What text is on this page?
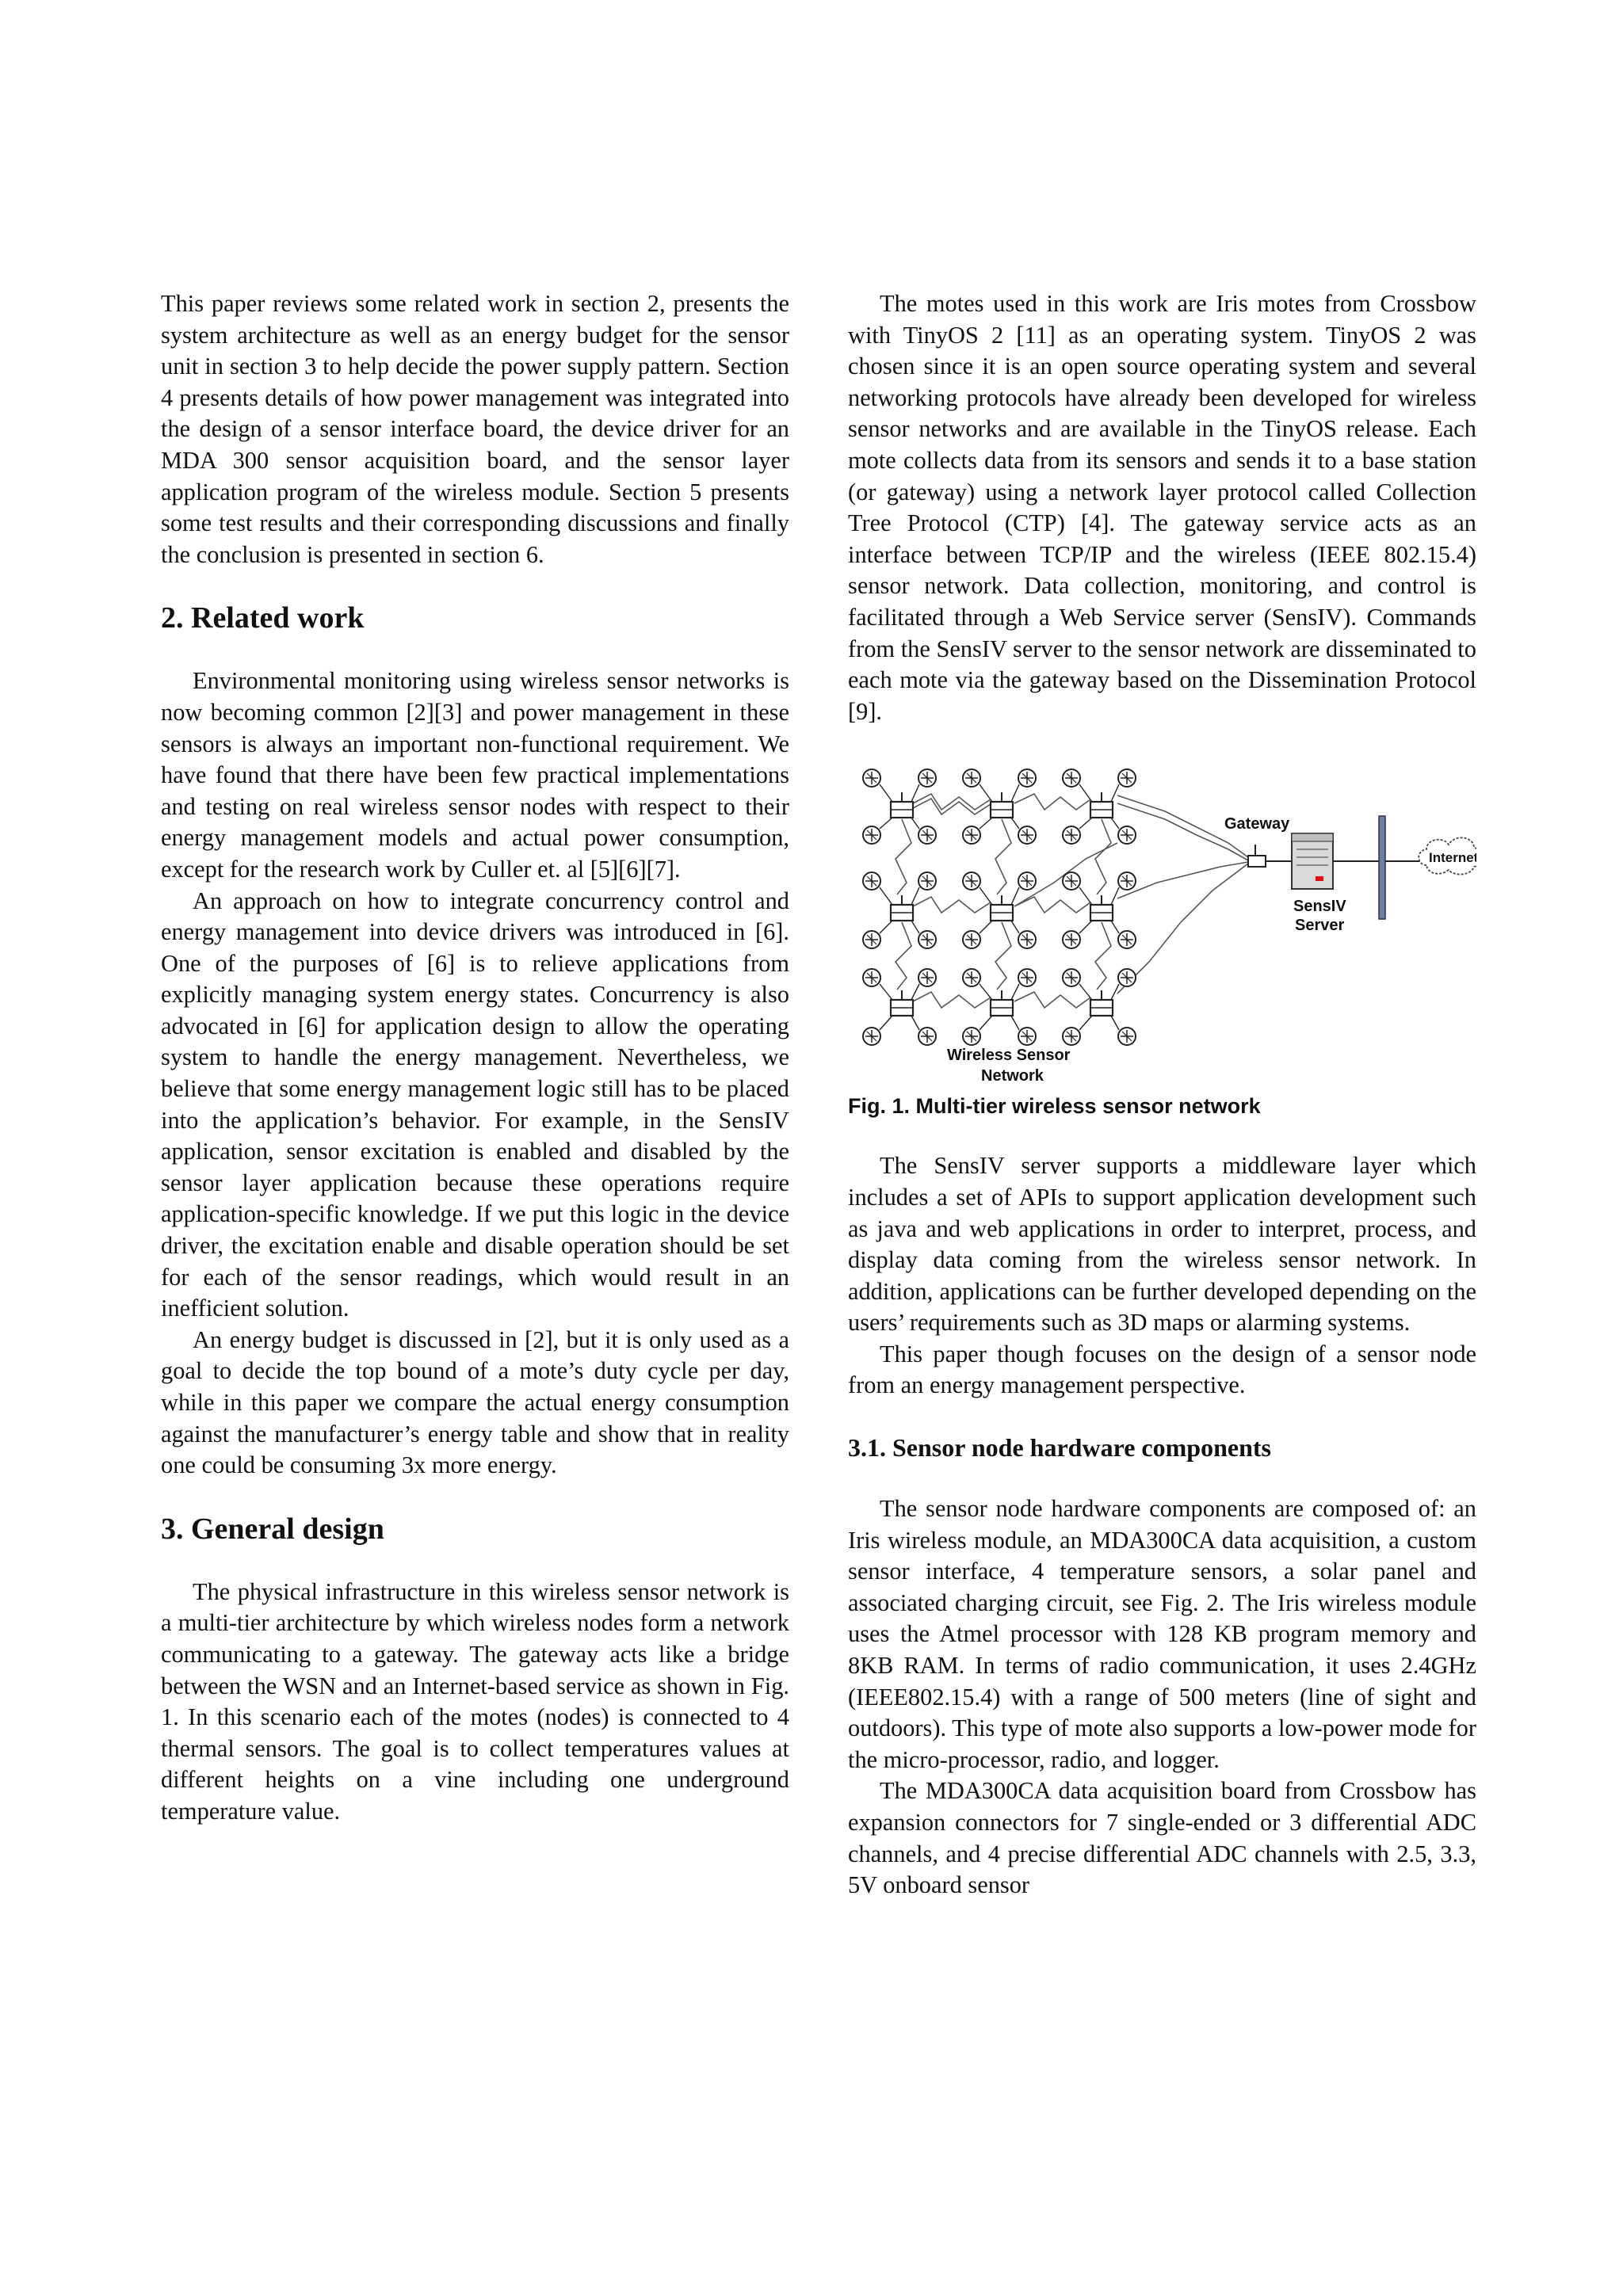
This paper reviews some related work in section 2, presents the system architecture as well as an energy budget for the sensor unit in section 3 to help decide the power supply pattern. Section 4 presents details of how power management was integrated into the design of a sensor interface board, the device driver for an MDA 300 sensor acquisition board, and the sensor layer application program of the wireless module. Section 5 presents some test results and their corresponding discussions and finally the conclusion is presented in section 6.

2. Related work

Environmental monitoring using wireless sensor networks is now becoming common [2][3] and power management in these sensors is always an important non-functional requirement. We have found that there have been few practical implementations and testing on real wireless sensor nodes with respect to their energy management models and actual power consumption, except for the research work by Culler et. al [5][6][7].

An approach on how to integrate concurrency control and energy management into device drivers was introduced in [6]. One of the purposes of [6] is to relieve applications from explicitly managing system energy states. Concurrency is also advocated in [6] for application design to allow the operating system to handle the energy management. Nevertheless, we believe that some energy management logic still has to be placed into the application’s behavior. For example, in the SensIV application, sensor excitation is enabled and disabled by the sensor layer application because these operations require application-specific knowledge. If we put this logic in the device driver, the excitation enable and disable operation should be set for each of the sensor readings, which would result in an inefficient solution.

An energy budget is discussed in [2], but it is only used as a goal to decide the top bound of a mote’s duty cycle per day, while in this paper we compare the actual energy consumption against the manufacturer’s energy table and show that in reality one could be consuming 3x more energy.

3. General design

The physical infrastructure in this wireless sensor network is a multi-tier architecture by which wireless nodes form a network communicating to a gateway. The gateway acts like a bridge between the WSN and an Internet-based service as shown in Fig. 1. In this scenario each of the motes (nodes) is connected to 4 thermal sensors. The goal is to collect temperatures values at different heights on a vine including one underground temperature value.

The motes used in this work are Iris motes from Crossbow with TinyOS 2 [11] as an operating system. TinyOS 2 was chosen since it is an open source operating system and several networking protocols have already been developed for wireless sensor networks and are available in the TinyOS release. Each mote collects data from its sensors and sends it to a base station (or gateway) using a network layer protocol called Collection Tree Protocol (CTP) [4]. The gateway service acts as an interface between TCP/IP and the wireless (IEEE 802.15.4) sensor network. Data collection, monitoring, and control is facilitated through a Web Service server (SensIV). Commands from the SensIV server to the sensor network are disseminated to each mote via the gateway based on the Dissemination Protocol [9].

Gateway
SensIV
Server
Internet
Wireless Sensor
Network
Fig. 1. Multi-tier wireless sensor network

The SensIV server supports a middleware layer which includes a set of APIs to support application development such as java and web applications in order to interpret, process, and display data coming from the wireless sensor network. In addition, applications can be further developed depending on the users’ requirements such as 3D maps or alarming systems.

This paper though focuses on the design of a sensor node from an energy management perspective.

3.1. Sensor node hardware components

The sensor node hardware components are composed of: an Iris wireless module, an MDA300CA data acquisition, a custom sensor interface, 4 temperature sensors, a solar panel and associated charging circuit, see Fig. 2. The Iris wireless module uses the Atmel processor with 128 KB program memory and 8KB RAM. In terms of radio communication, it uses 2.4GHz (IEEE802.15.4) with a range of 500 meters (line of sight and outdoors). This type of mote also supports a low-power mode for the micro-processor, radio, and logger.

The MDA300CA data acquisition board from Crossbow has expansion connectors for 7 single-ended or 3 differential ADC channels, and 4 precise differential ADC channels with 2.5, 3.3, 5V onboard sensor
